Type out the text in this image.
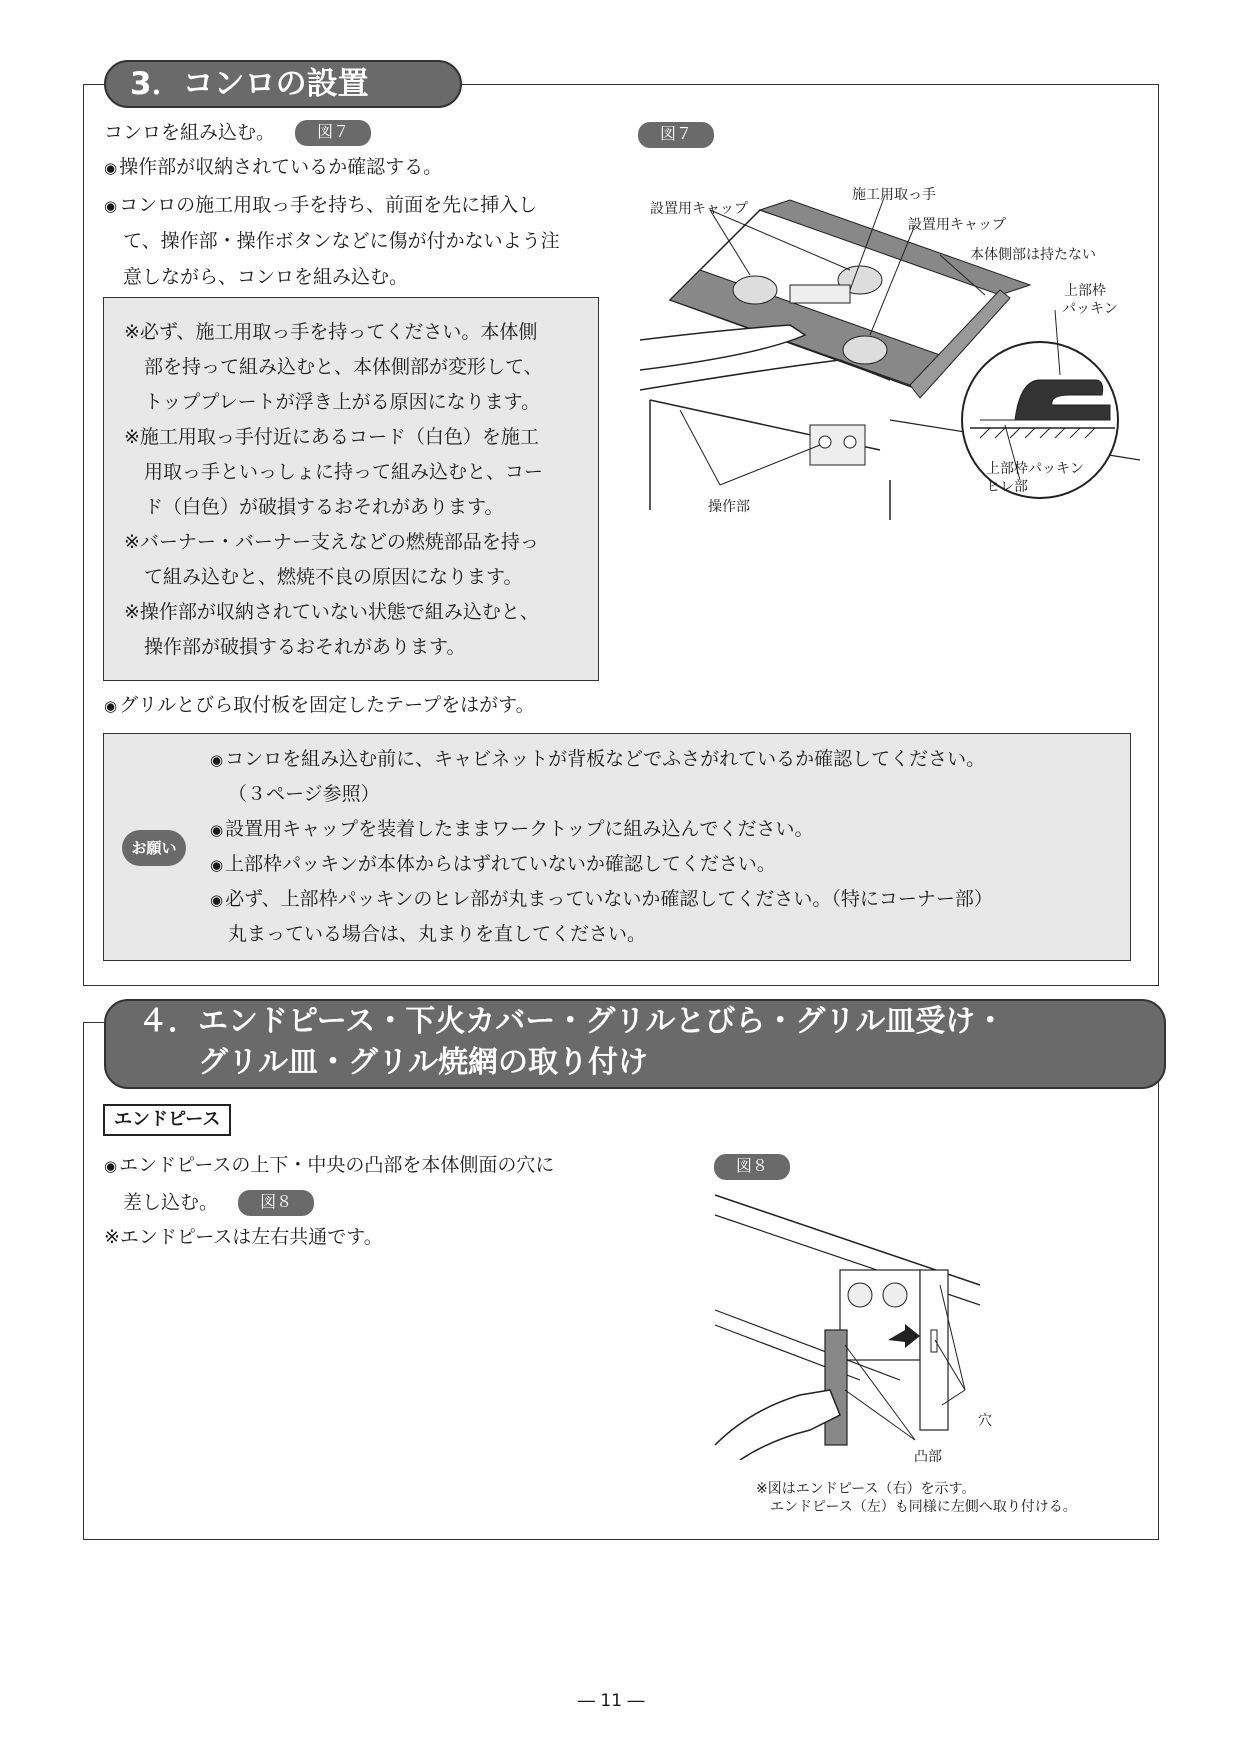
3．コンロの設置
コンロを組み込む。	図７
◉ 操作部が収納されているか確認する。
◉ コンロの施工用取っ手を持ち、前面を先に挿入し
て、操作部・操作ボタンなどに傷が付かないよう注
意しながら、コンロを組み込む。
※必ず、施工用取っ手を持ってください。本体側
部を持って組み込むと、本体側部が変形して、
トッププレートが浮き上がる原因になります。
※施工用取っ手付近にあるコード（白色）を施工
用取っ手といっしょに持って組み込むと、コー
ド（白色）が破損するおそれがあります。
※バーナー・バーナー支えなどの燃焼部品を持っ
て組み込むと、燃焼不良の原因になります。
※操作部が収納されていない状態で組み込むと、
操作部が破損するおそれがあります。
◉ グリルとびら取付板を固定したテープをはがす。
お願い
◉ コンロを組み込む前に、キャビネットが背板などでふさがれているか確認してください。
（３ページ参照）
◉ 設置用キャップを装着したままワークトップに組み込んでください。
◉ 上部枠パッキンが本体からはずれていないか確認してください。
◉ 必ず、上部枠パッキンのヒレ部が丸まっていないか確認してください。（特にコーナー部）
丸まっている場合は、丸まりを直してください。
図７
設置用キャップ
施工用取っ手
設置用キャップ
本体側部は持たない
上部枠
パッキン
上部枠パッキン
ヒレ部
操作部
４．エンドピース・下火カバー・グリルとびら・グリル皿受け・
グリル皿・グリル焼網の取り付け
エンドピース
◉ エンドピースの上下・中央の凸部を本体側面の穴に
差し込む。	図８
※エンドピースは左右共通です。
図８
穴
凸部
※図はエンドピース（右）を示す。
エンドピース（左）も同様に左側へ取り付ける。
― 11 ―
